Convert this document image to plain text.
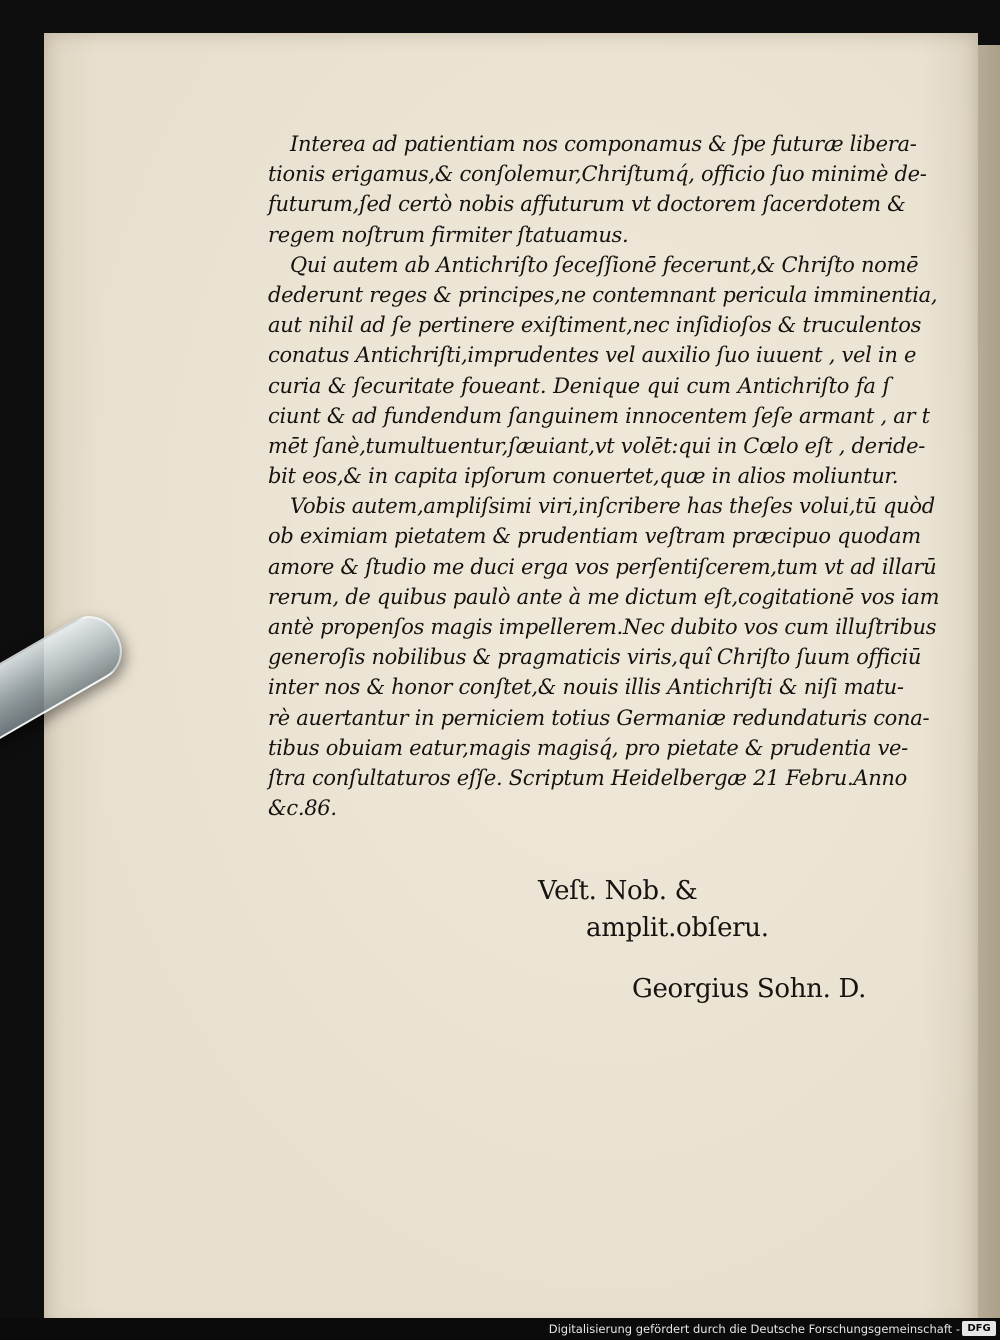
Interea ad patientiam nos componamus & ſpe futuræ libera-
tionis erigamus,& conſolemur,Chriſtumq́, officio ſuo minimè de-
futurum,ſed certò nobis affuturum vt doctorem ſacerdotem &
regem noſtrum firmiter ſtatuamus.
Qui autem ab Antichriſto ſeceſſionē fecerunt,& Chriſto nomē
dederunt reges & principes,ne contemnant pericula imminentia,
aut nihil ad ſe pertinere exiſtiment,nec inſidioſos & truculentos
conatus Antichriſti,imprudentes vel auxilio ſuo iuuent , vel in e
curia & ſecuritate foueant. Denique qui cum Antichriſto fa ſ
ciunt & ad fundendum ſanguinem innocentem ſeſe armant , ar t
mēt ſanè,tumultuentur,ſæuiant,vt volēt:qui in Cœlo eſt , deride-
bit eos,& in capita ipſorum conuertet,quæ in alios moliuntur.
Vobis autem,ampliſsimi viri,inſcribere has theſes volui,tū quòd
ob eximiam pietatem & prudentiam veſtram præcipuo quodam
amore & ſtudio me duci erga vos perſentiſcerem,tum vt ad illarū
rerum, de quibus paulò ante à me dictum eſt,cogitationē vos iam
antè propenſos magis impellerem.Nec dubito vos cum illuſtribus
generoſis nobilibus & pragmaticis viris,quî Chriſto ſuum officiū
inter nos & honor conſtet,& nouis illis Antichriſti & niſi matu-
rè auertantur in perniciem totius Germaniæ redundaturis cona-
tibus obuiam eatur,magis magisq́, pro pietate & prudentia ve-
ſtra conſultaturos eſſe. Scriptum Heidelbergæ 21 Febru.Anno
&c.86.
Veſt. Nob. &
amplit.obſeru.
Georgius Sohn. D.
Digitalisierung gefördert durch die Deutsche Forschungsgemeinschaft - DFG
